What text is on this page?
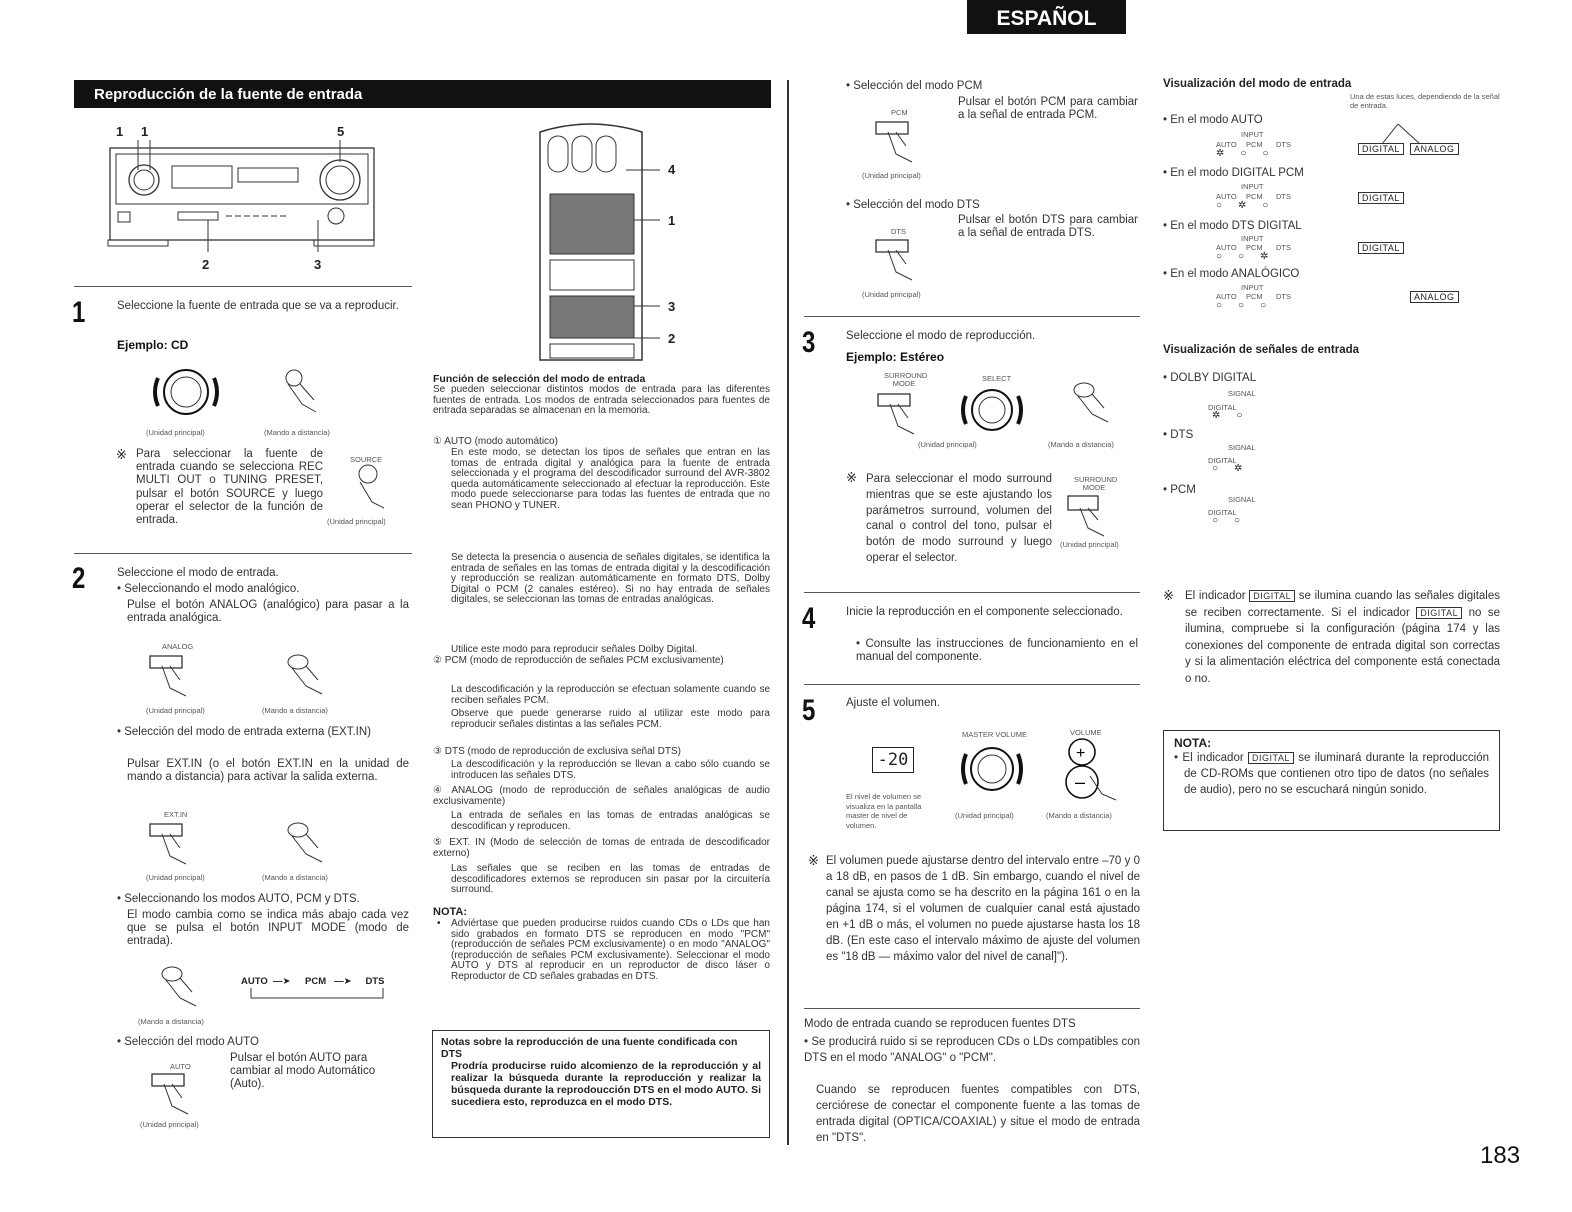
ESPAÑOL
Reproducción de la fuente de entrada
1 1	5
2	3
1	Seleccione la fuente de entrada que se va a reproducir.
Ejemplo: CD
(Unidad principal)	(Mando a distancia)
※ Para seleccionar la fuente de entrada cuando se selecciona REC MULTI OUT o TUNING PRESET, pulsar el botón SOURCE y luego operar el selector de la función de entrada.
SOURCE
(Unidad principal)
2	Seleccione el modo de entrada.
• Seleccionando el modo analógico.
Pulse el botón ANALOG (analógico) para pasar a la entrada analógica.
ANALOG
(Unidad principal)	(Mando a distancia)
• Selección del modo de entrada externa (EXT.IN)
Pulsar EXT.IN (o el botón EXT.IN en la unidad de mando a distancia) para activar la salida externa.
EXT.IN
(Unidad principal)	(Mando a distancia)
• Seleccionando los modos AUTO, PCM y DTS.
El modo cambia como se indica más abajo cada vez que se pulsa el botón INPUT MODE (modo de entrada).
AUTO  —➤  PCM   —➤  DTS
(Mando a distancia)
• Selección del modo AUTO
AUTO
Pulsar el botón AUTO para cambiar al modo Automático (Auto).
(Unidad principal)
4
1
3
2
Función de selección del modo de entrada
Se pueden seleccionar distintos modos de entrada para las diferentes fuentes de entrada. Los modos de entrada seleccionados para fuentes de entrada separadas se almacenan en la memoria.
① AUTO (modo automático)
En este modo, se detectan los tipos de señales que entran en las tomas de entrada digital y analógica para la fuente de entrada seleccionada y el programa del descodificador surround del AVR-3802 queda automáticamente seleccionado al efectuar la reproducción. Este modo puede seleccionarse para todas las fuentes de entrada que no sean PHONO y TUNER.
Se detecta la presencia o ausencia de señales digitales, se identifica la entrada de señales en las tomas de entrada digital y la descodificación y reproducción se realizan automáticamente en formato DTS, Dolby Digital o PCM (2 canales estéreo). Si no hay entrada de señales digitales, se seleccionan las tomas de entradas analógicas.
Utilice este modo para reproducir señales Dolby Digital.
② PCM (modo de reproducción de señales PCM exclusivamente)
La descodificación y la reproducción se efectuan solamente cuando se reciben señales PCM.
Observe que puede generarse ruido al utilizar este modo para reproducir señales distintas a las señales PCM.
③ DTS (modo de reproducción de exclusiva señal DTS)
La descodificación y la reproducción se llevan a cabo sólo cuando se introducen las señales DTS.
④ ANALOG (modo de reproducción de señales analógicas de audio exclusivamente)
La entrada de señales en las tomas de entradas analógicas se descodifican y reproducen.
⑤ EXT. IN (Modo de selección de tomas de entrada de descodificador externo)
Las señales que se reciben en las tomas de entradas de descodificadores externos se reproducen sin pasar por la circuitería surround.
NOTA:
• Adviértase que pueden producirse ruidos cuando CDs o LDs que han sido grabados en formato DTS se reproducen en modo "PCM" (reproducción de señales PCM exclusivamente) o en modo "ANALOG" (reproducción de señales PCM exclusivamente). Seleccionar el modo AUTO y DTS al reproducir en un reproductor de disco láser o Reproductor de CD señales grabadas en DTS.
Notas sobre la reproducción de una fuente condificada con DTS
Prodría producirse ruido alcomienzo de la reproducción y al realizar la búsqueda durante la reproducción y realizar la búsqueda durante la reprodoucción DTS en el modo AUTO. Si sucediera esto, reproduzca en el modo DTS.
• Selección del modo PCM
PCM
Pulsar el botón PCM para cambiar a la señal de entrada PCM.
(Unidad principal)
• Selección del modo DTS
DTS
Pulsar el botón DTS para cambiar a la señal de entrada DTS.
(Unidad principal)
3	Seleccione el modo de reproducción.
Ejemplo: Estéreo
SURROUND MODE
SELECT
(Unidad principal)	(Mando a distancia)
※ Para seleccionar el modo surround mientras que se este ajustando los parámetros surround, volumen del canal o control del tono, pulsar el botón de modo surround y luego operar el selector.
SURROUND MODE
(Unidad principal)
4	Inicie la reproducción en el componente seleccionado.
• Consulte las instrucciones de funcionamiento en el manual del componente.
5	Ajuste el volumen.
-20
El nivel de volumen se visualiza en la pantalla master de nivel de volumen.
MASTER VOLUME	VOLUME
+
–
(Unidad principal)	(Mando a distancia)
※ El volumen puede ajustarse dentro del intervalo entre –70 y 0 a 18 dB, en pasos de 1 dB. Sin embargo, cuando el nivel de canal se ajusta como se ha descrito en la página 161 o en la página 174, si el volumen de cualquier canal está ajustado en +1 dB o más, el volumen no puede ajustarse hasta los 18 dB. (En este caso el intervalo máximo de ajuste del volumen es "18 dB — máximo valor del nivel de canal]").
Modo de entrada cuando se reproducen fuentes DTS
• Se producirá ruido si se reproducen CDs o LDs compatibles con DTS en el modo "ANALOG" o "PCM".
Cuando se reproducen fuentes compatibles con DTS, cerciórese de conectar el componente fuente a las tomas de entrada digital (OPTICA/COAXIAL) y situe el modo de entrada en "DTS".
Visualización del modo de entrada
Una de estas luces, dependiendo de la señal de entrada.
• En el modo AUTO
INPUT
AUTO PCM DTS
✲○○	DIGITAL	ANALOG
• En el modo DIGITAL PCM
INPUT
AUTO PCM DTS
○✲○
DIGITAL
• En el modo DTS DIGITAL
INPUT
AUTO PCM DTS
○○✲
DIGITAL
• En el modo ANALÓGICO
INPUT
AUTO PCM DTS
○○○
ANALOG
Visualización de señales de entrada
• DOLBY DIGITAL
SIGNAL
DIGITAL
✲○
• DTS
SIGNAL
DIGITAL
○✲
• PCM
SIGNAL
DIGITAL
○○
※ El indicador DIGITAL se ilumina cuando las señales digitales se reciben correctamente. Si el indicador DIGITAL no se ilumina, compruebe si la configuración (página 174 y las conexiones del componente de entrada digital son correctas y si la alimentación eléctrica del componente está conectada o no.
NOTA:
• El indicador DIGITAL se iluminará durante la reproducción de CD-ROMs que contienen otro tipo de datos (no señales de audio), pero no se escuchará ningún sonido.
183
